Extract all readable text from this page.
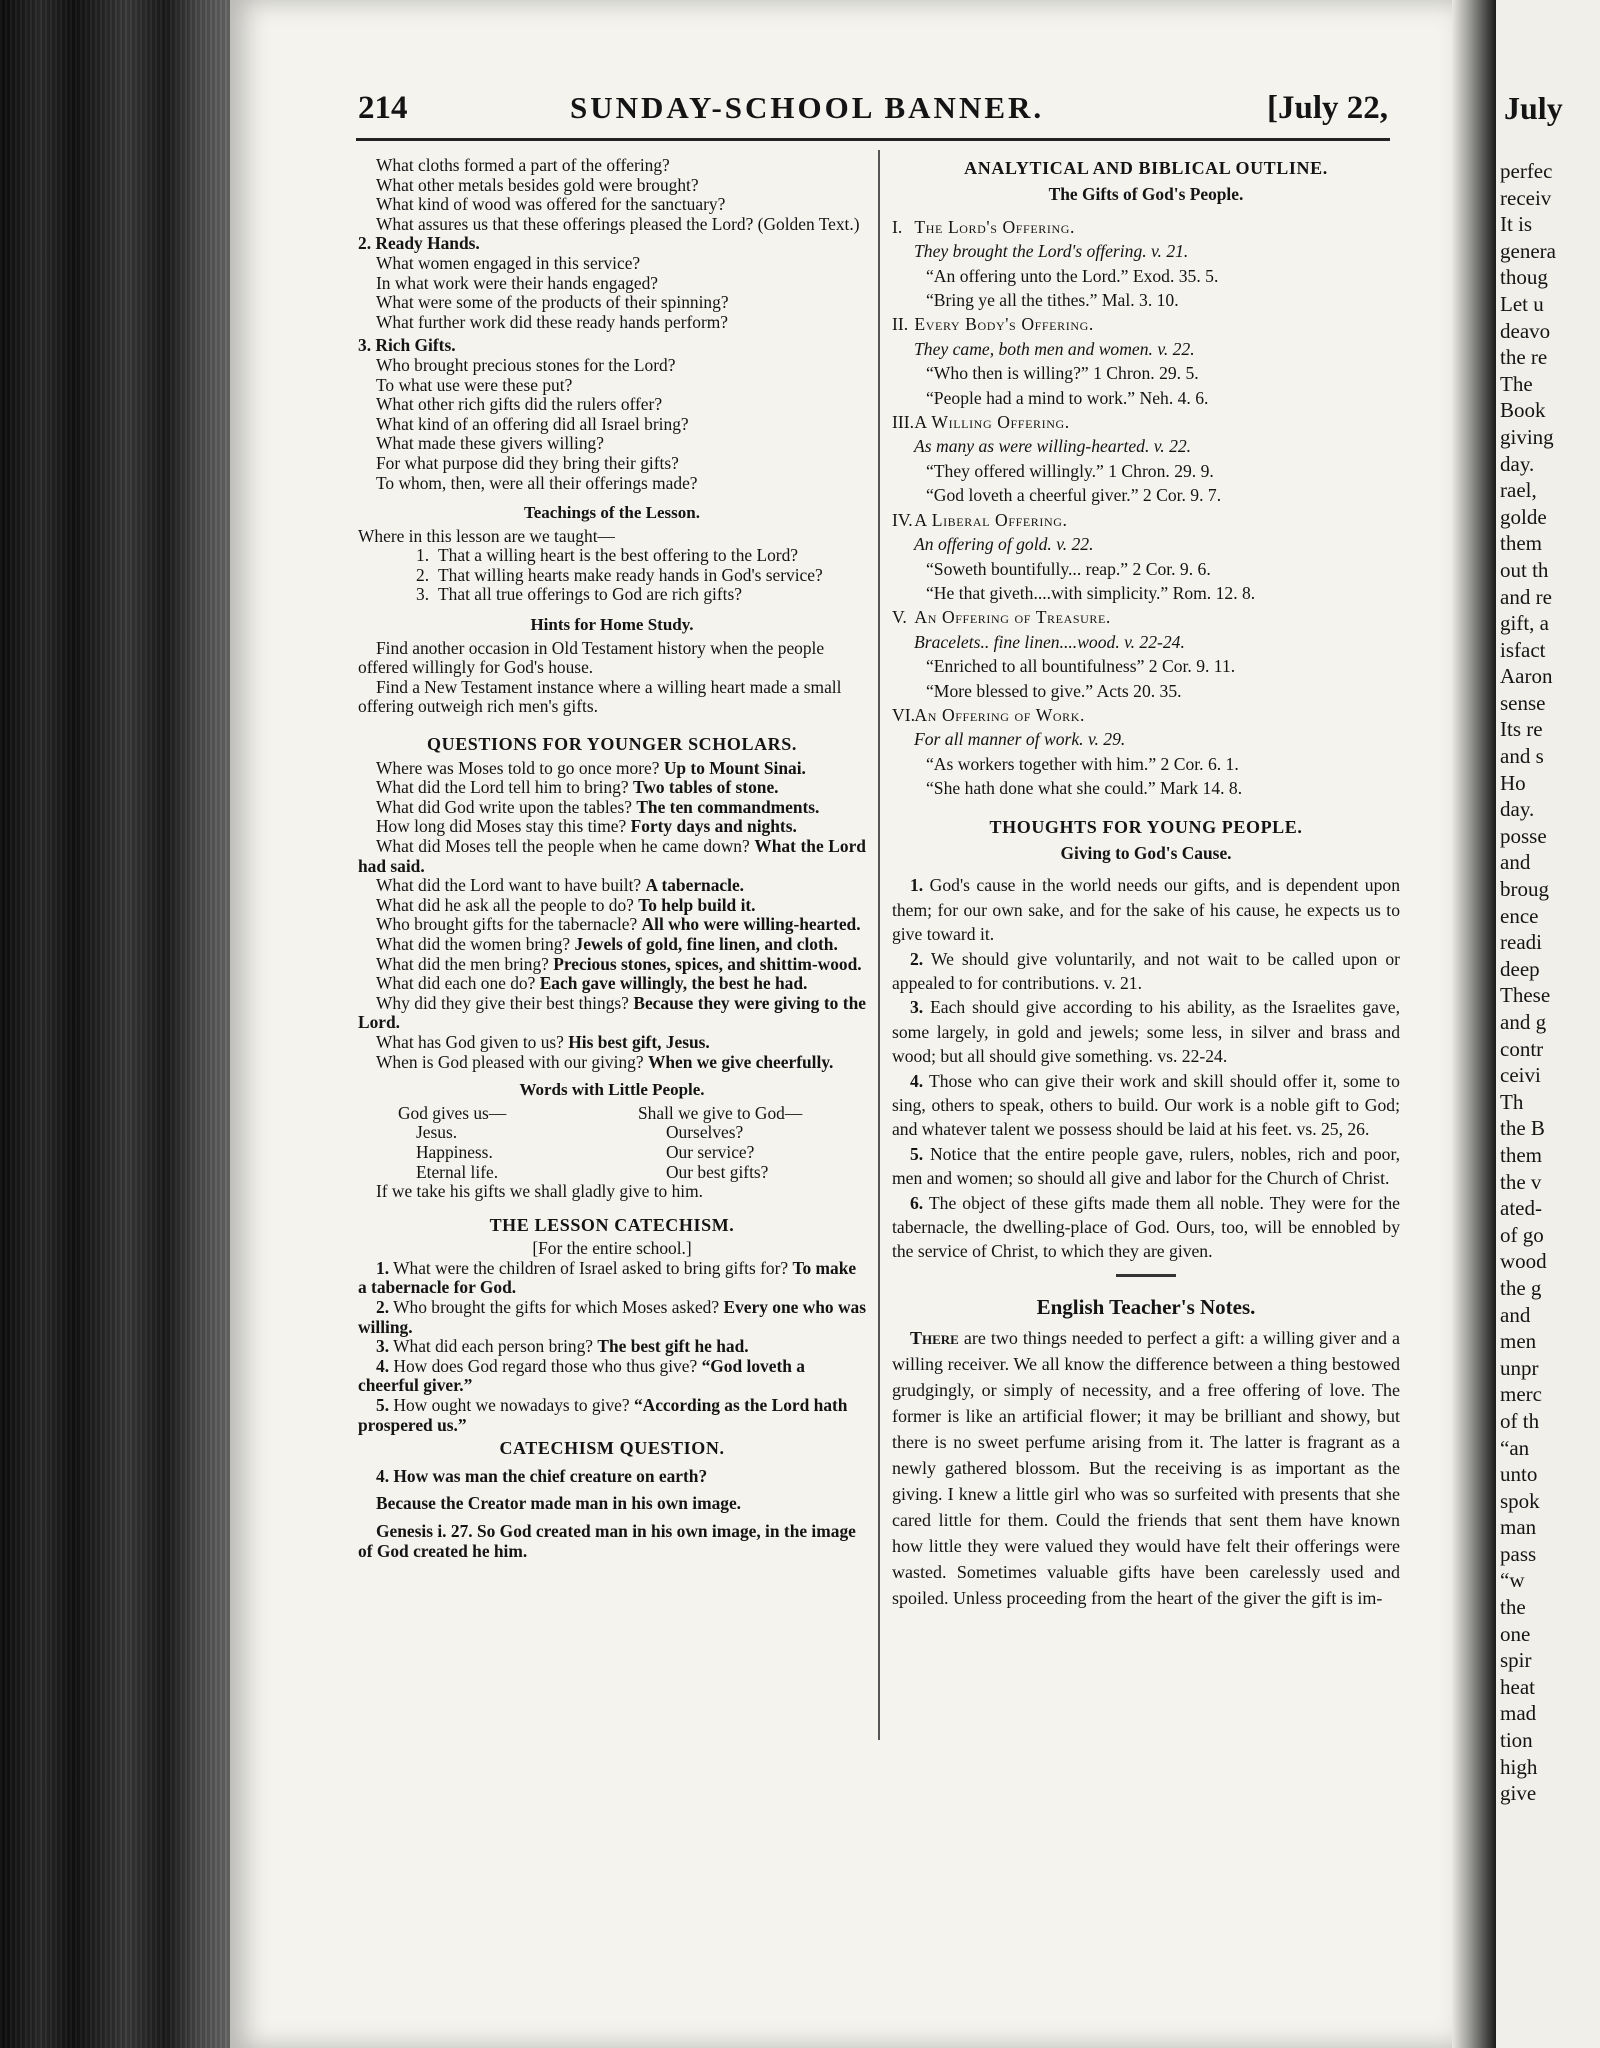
July
perfec
receiv
It is
genera
thoug
Let u
deavo
the re
The
Book
giving
day.
rael,
golde
them
out th
and re
gift, a
isfact
Aaron
sense
Its re
and s
Ho
day.
posse
and
broug
ence
readi
deep
These
and g
contr
ceivi
Th
the B
them
the v
ated-
of go
wood
the g
and
men
unpr
merc
of th
“an
unto
spok
man
pass
“w
the
one
spir
heat
mad
tion
high
give
214	SUNDAY-SCHOOL BANNER.	[July 22,
What cloths formed a part of the offering?
What other metals besides gold were brought?
What kind of wood was offered for the sanctuary?
What assures us that these offerings pleased the Lord? (Golden Text.)
2. Ready Hands.
What women engaged in this service?
In what work were their hands engaged?
What were some of the products of their spinning?
What further work did these ready hands perform?
3. Rich Gifts.
Who brought precious stones for the Lord?
To what use were these put?
What other rich gifts did the rulers offer?
What kind of an offering did all Israel bring?
What made these givers willing?
For what purpose did they bring their gifts?
To whom, then, were all their offerings made?
Teachings of the Lesson.
Where in this lesson are we taught—
1. That a willing heart is the best offering to the Lord?
2. That willing hearts make ready hands in God's service?
3. That all true offerings to God are rich gifts?
Hints for Home Study.
Find another occasion in Old Testament history when the people offered willingly for God's house.
Find a New Testament instance where a willing heart made a small offering outweigh rich men's gifts.
QUESTIONS FOR YOUNGER SCHOLARS.
Where was Moses told to go once more? Up to Mount Sinai.
What did the Lord tell him to bring? Two tables of stone.
What did God write upon the tables? The ten commandments.
How long did Moses stay this time? Forty days and nights.
What did Moses tell the people when he came down? What the Lord had said.
What did the Lord want to have built? A tabernacle.
What did he ask all the people to do? To help build it.
Who brought gifts for the tabernacle? All who were willing-hearted.
What did the women bring? Jewels of gold, fine linen, and cloth.
What did the men bring? Precious stones, spices, and shittim-wood.
What did each one do? Each gave willingly, the best he had.
Why did they give their best things? Because they were giving to the Lord.
What has God given to us? His best gift, Jesus.
When is God pleased with our giving? When we give cheerfully.
Words with Little People.
God gives us—	Shall we give to God—
Jesus.	Ourselves?
Happiness.	Our service?
Eternal life.	Our best gifts?
If we take his gifts we shall gladly give to him.
THE LESSON CATECHISM.
[For the entire school.]
1. What were the children of Israel asked to bring gifts for? To make a tabernacle for God.
2. Who brought the gifts for which Moses asked? Every one who was willing.
3. What did each person bring? The best gift he had.
4. How does God regard those who thus give? “God loveth a cheerful giver.”
5. How ought we nowadays to give? “According as the Lord hath prospered us.”
CATECHISM QUESTION.
4. How was man the chief creature on earth?
Because the Creator made man in his own image.
Genesis i. 27. So God created man in his own image, in the image of God created he him.
ANALYTICAL AND BIBLICAL OUTLINE.
The Gifts of God's People.
I. The Lord's Offering.
They brought the Lord's offering. v. 21.
“An offering unto the Lord.” Exod. 35. 5.
“Bring ye all the tithes.” Mal. 3. 10.
II. Every Body's Offering.
They came, both men and women. v. 22.
“Who then is willing?” 1 Chron. 29. 5.
“People had a mind to work.” Neh. 4. 6.
III. A Willing Offering.
As many as were willing-hearted. v. 22.
“They offered willingly.” 1 Chron. 29. 9.
“God loveth a cheerful giver.” 2 Cor. 9. 7.
IV. A Liberal Offering.
An offering of gold. v. 22.
“Soweth bountifully... reap.” 2 Cor. 9. 6.
“He that giveth....with simplicity.” Rom. 12. 8.
V. An Offering of Treasure.
Bracelets.. fine linen....wood. v. 22-24.
“Enriched to all bountifulness” 2 Cor. 9. 11.
“More blessed to give.” Acts 20. 35.
VI. An Offering of Work.
For all manner of work. v. 29.
“As workers together with him.” 2 Cor. 6. 1.
“She hath done what she could.” Mark 14. 8.
THOUGHTS FOR YOUNG PEOPLE.
Giving to God's Cause.
1. God's cause in the world needs our gifts, and is dependent upon them; for our own sake, and for the sake of his cause, he expects us to give toward it.
2. We should give voluntarily, and not wait to be called upon or appealed to for contributions. v. 21.
3. Each should give according to his ability, as the Israelites gave, some largely, in gold and jewels; some less, in silver and brass and wood; but all should give something. vs. 22-24.
4. Those who can give their work and skill should offer it, some to sing, others to speak, others to build. Our work is a noble gift to God; and whatever talent we possess should be laid at his feet. vs. 25, 26.
5. Notice that the entire people gave, rulers, nobles, rich and poor, men and women; so should all give and labor for the Church of Christ.
6. The object of these gifts made them all noble. They were for the tabernacle, the dwelling-place of God. Ours, too, will be ennobled by the service of Christ, to which they are given.
English Teacher's Notes.
There are two things needed to perfect a gift: a willing giver and a willing receiver. We all know the difference between a thing bestowed grudgingly, or simply of necessity, and a free offering of love. The former is like an artificial flower; it may be brilliant and showy, but there is no sweet perfume arising from it. The latter is fragrant as a newly gathered blossom. But the receiving is as important as the giving. I knew a little girl who was so surfeited with presents that she cared little for them. Could the friends that sent them have known how little they were valued they would have felt their offerings were wasted. Sometimes valuable gifts have been carelessly used and spoiled. Unless proceeding from the heart of the giver the gift is im-
